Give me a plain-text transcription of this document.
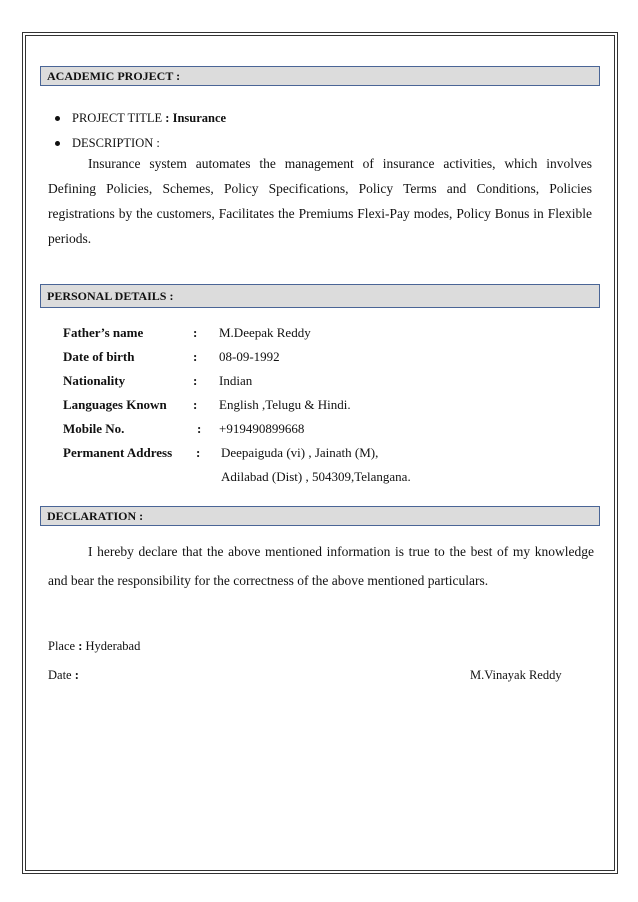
ACADEMIC PROJECT :
PROJECT TITLE : Insurance
DESCRIPTION :
Insurance system automates the management of insurance activities, which involves Defining Policies, Schemes, Policy Specifications, Policy Terms and Conditions, Policies registrations by the customers, Facilitates the Premiums Flexi-Pay modes, Policy Bonus in Flexible periods.
PERSONAL DETAILS :
Father’s name	: M.Deepak Reddy
Date of birth	: 08-09-1992
Nationality	: Indian
Languages Known : English ,Telugu & Hindi.
Mobile No.	: +919490899668
Permanent Address : Deepaiguda (vi) , Jainath (M),
Adilabad (Dist) , 504309,Telangana.
DECLARATION :
I hereby declare that the above mentioned information is true to the best of my knowledge and bear the responsibility for the correctness of the above mentioned particulars.
Place : Hyderabad
Date :	M.Vinayak Reddy
